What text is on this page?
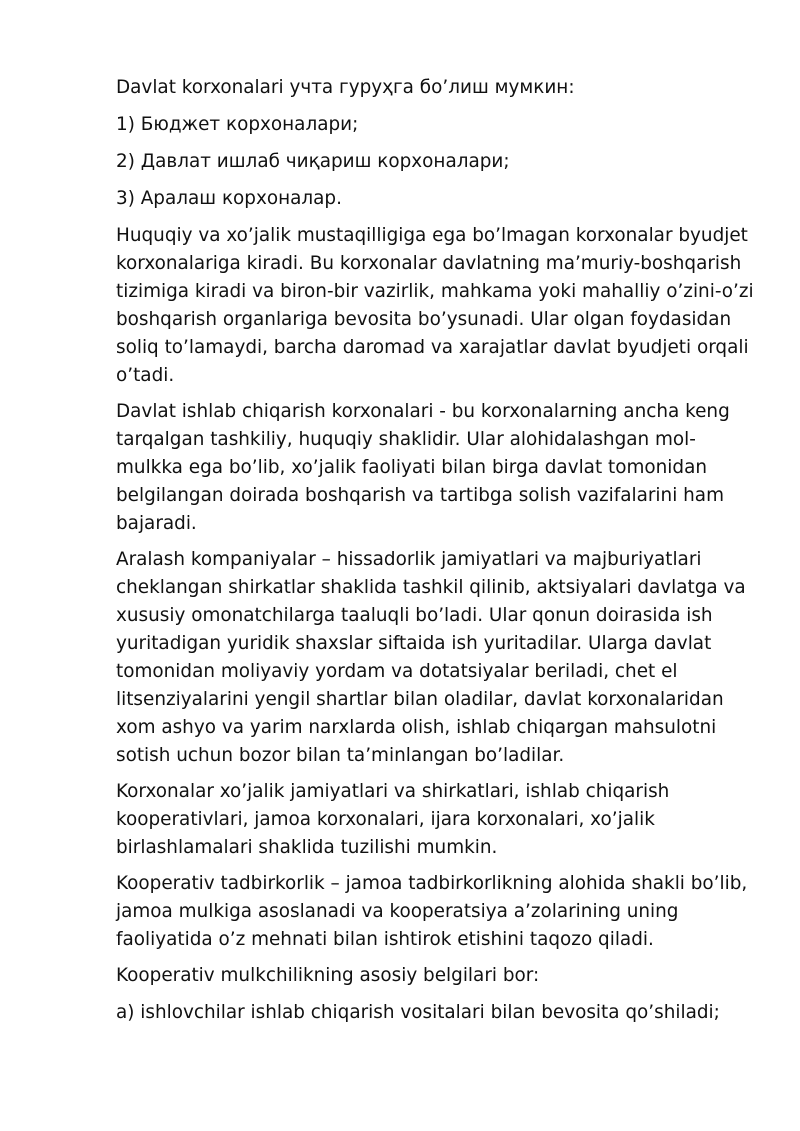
Davlat korxonalari учта гуруҳга бо’лиш мумкин:

1) Бюджет корхоналари;

2) Давлат ишлаб чиқариш корхоналари;

3) Аралаш корхоналар.

Huquqiy va xo’jalik mustaqilligiga ega bo’lmagan korxonalar byudjet korxonalariga kiradi. Bu korxonalar davlatning ma’muriy-boshqarish tizimiga kiradi va biron-bir vazirlik, mahkama yoki mahalliy o’zini-o’zi boshqarish organlariga bevosita bo’ysunadi. Ular olgan foydasidan soliq to’lamaydi, barcha daromad va xarajatlar davlat byudjeti orqali o’tadi.

Davlat ishlab chiqarish korxonalari - bu korxonalarning ancha keng tarqalgan tashkiliy, huquqiy shaklidir. Ular alohidalashgan mol-mulkka ega bo’lib, xo’jalik faoliyati bilan birga davlat tomonidan belgilangan doirada boshqarish va tartibga solish vazifalarini ham bajaradi.

Aralash kompaniyalar – hissadorlik jamiyatlari va majburiyatlari cheklangan shirkatlar shaklida tashkil qilinib, aktsiyalari davlatga va xususiy omonatchilarga taaluqli bo’ladi. Ular qonun doirasida ish yuritadigan yuridik shaxslar siftaida ish yuritadilar. Ularga davlat tomonidan moliyaviy yordam va dotatsiyalar beriladi, chet el litsenziyalarini yengil shartlar bilan oladilar, davlat korxonalaridan xom ashyo va yarim narxlarda olish, ishlab chiqargan mahsulotni sotish uchun bozor bilan ta’minlangan bo’ladilar.

Korxonalar xo’jalik jamiyatlari va shirkatlari, ishlab chiqarish kooperativlari, jamoa korxonalari, ijara korxonalari, xo’jalik birlashlamalari shaklida tuzilishi mumkin.

Kooperativ tadbirkorlik – jamoa tadbirkorlikning alohida shakli bo’lib, jamoa mulkiga asoslanadi va kooperatsiya a’zolarining uning faoliyatida o’z mehnati bilan ishtirok etishini taqozo qiladi.

Kooperativ mulkchilikning asosiy belgilari bor:

a) ishlovchilar ishlab chiqarish vositalari bilan bevosita qo’shiladi;
